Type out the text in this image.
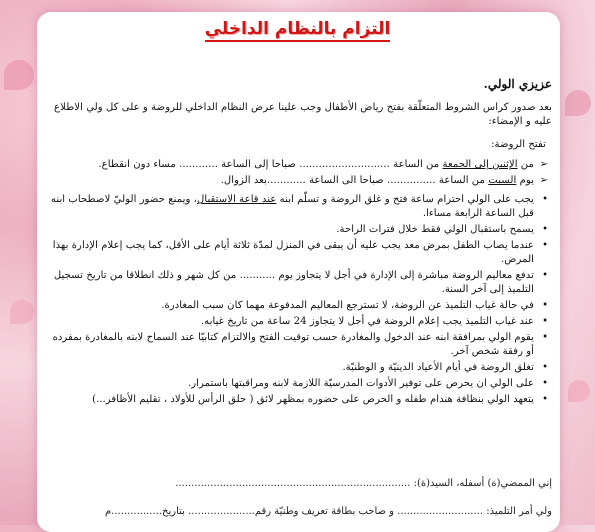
التزام بالنظام الداخلي
عزيزي الولي.
بعد صدور كراس الشروط المتعلّقة بفتح رياض الأطفال وجب علينا عرض النظام الداخلي للروضة و على كل ولي الاطلاع عليه و الإمضاء:
تفتح الروضة:
➢
من الإثنين إلى الجمعة من الساعة ............................ صباحا إلى الساعة ............ مساء دون انقطاع.
➢
يوم السبت من الساعة ............... صباحا الى الساعة ............بعد الزوال.
•
يجب على الولي احترام ساعة فتح و غلق الروضة و تسلّم ابنه عند قاعة الاستقبال، ويمنع حضور الوليّ لاصطحاب ابنه قبل الساعة الرابعة مساءا.
•
يسمح باستقبال الولي فقط خلال فترات الراحة.
•
عندما يصاب الطفل بمرض معد يجب عليه أن يبقى في المنزل لمدّة ثلاثة أيام على الأقل، كما يجب إعلام الإدارة بهذا المرض.
•
تدفع معاليم الروضة مباشرة إلى الإدارة في أجل لا يتجاوز يوم ........... من كل شهر و ذلك انطلاقا من تاريخ تسجيل التلميذ إلى آخر السنة.
•
في حالة غياب التلميذ عن الروضة، لا تسترجع المعاليم المدفوعة مهما كان سبب المغادرة.
•
عند غياب التلميذ يجب إعلام الروضة في أجل لا يتجاوز 24 ساعة من تاريخ غيابه.
•
يقوم الولي بمرافقة ابنه عند الدخول والمغادرة حسب توقيت الفتح والالتزام كتابيّا عند السماح لابنه بالمغادرة بمفرده أو رفقة شخص آخر.
•
تغلق الروضة في أيام الأعياد الدينيّة و الوطنيّة.
•
على الولي ان يحرص على توفير الأدوات المدرسيّة اللازمة لابنه ومراقبتها باستمرار.
•
يتعهد الولي بنظافة هندام طفله و الحرص على حضوره بمظهر لائق ( حلق الرأس للأولاد ، تقليم الأظافر...)
إني الممضي(ة) أسفله، السيد(ة): ..........................................................................
ولي أمر التلميذ: ........................... و صاحب بطاقة تعريف وطنيّة رقم..................... بتاريخ................م
